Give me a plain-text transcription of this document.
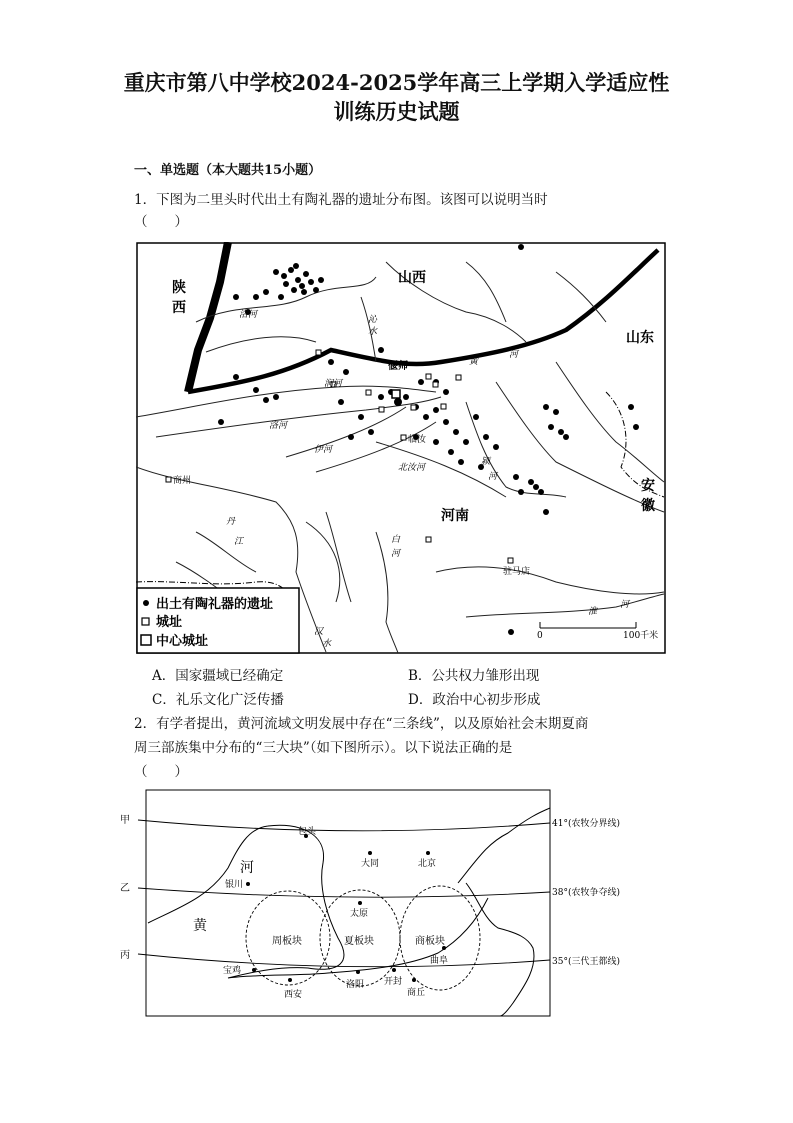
重庆市第八中学校2024-2025学年高三上学期入学适应性
训练历史试题
一、单选题（本大题共15小题）
1．下图为二里头时代出土有陶礼器的遗址分布图。该图可以说明当时
（　　）
陕
西
山西
山东
河南
安
徽
洛河	沁
水
黄
河
涧河
洛河
伊河
北汝河
颍
河
丹
江	白
河
汉
水
淮
河
偃师
临汝
商州
驻马店
0	100千米
出土有陶礼器的遗址
城址
中心城址
A．国家疆域已经确定	B．公共权力雏形出现
C．礼乐文化广泛传播	D．政治中心初步形成
2．有学者提出，黄河流域文明发展中存在“三条线”，以及原始社会末期夏商
周三部族集中分布的“三大块”（如下图所示）。以下说法正确的是
（　　）
包头
大同	北京
银川
太原
曲阜
宝鸡
西安
洛阳 开封
商丘
周板块	夏板块	商板块
河
黄
甲
乙
丙
41°(农牧分界线)
38°(农牧争夺线)
35°(三代王都线)
